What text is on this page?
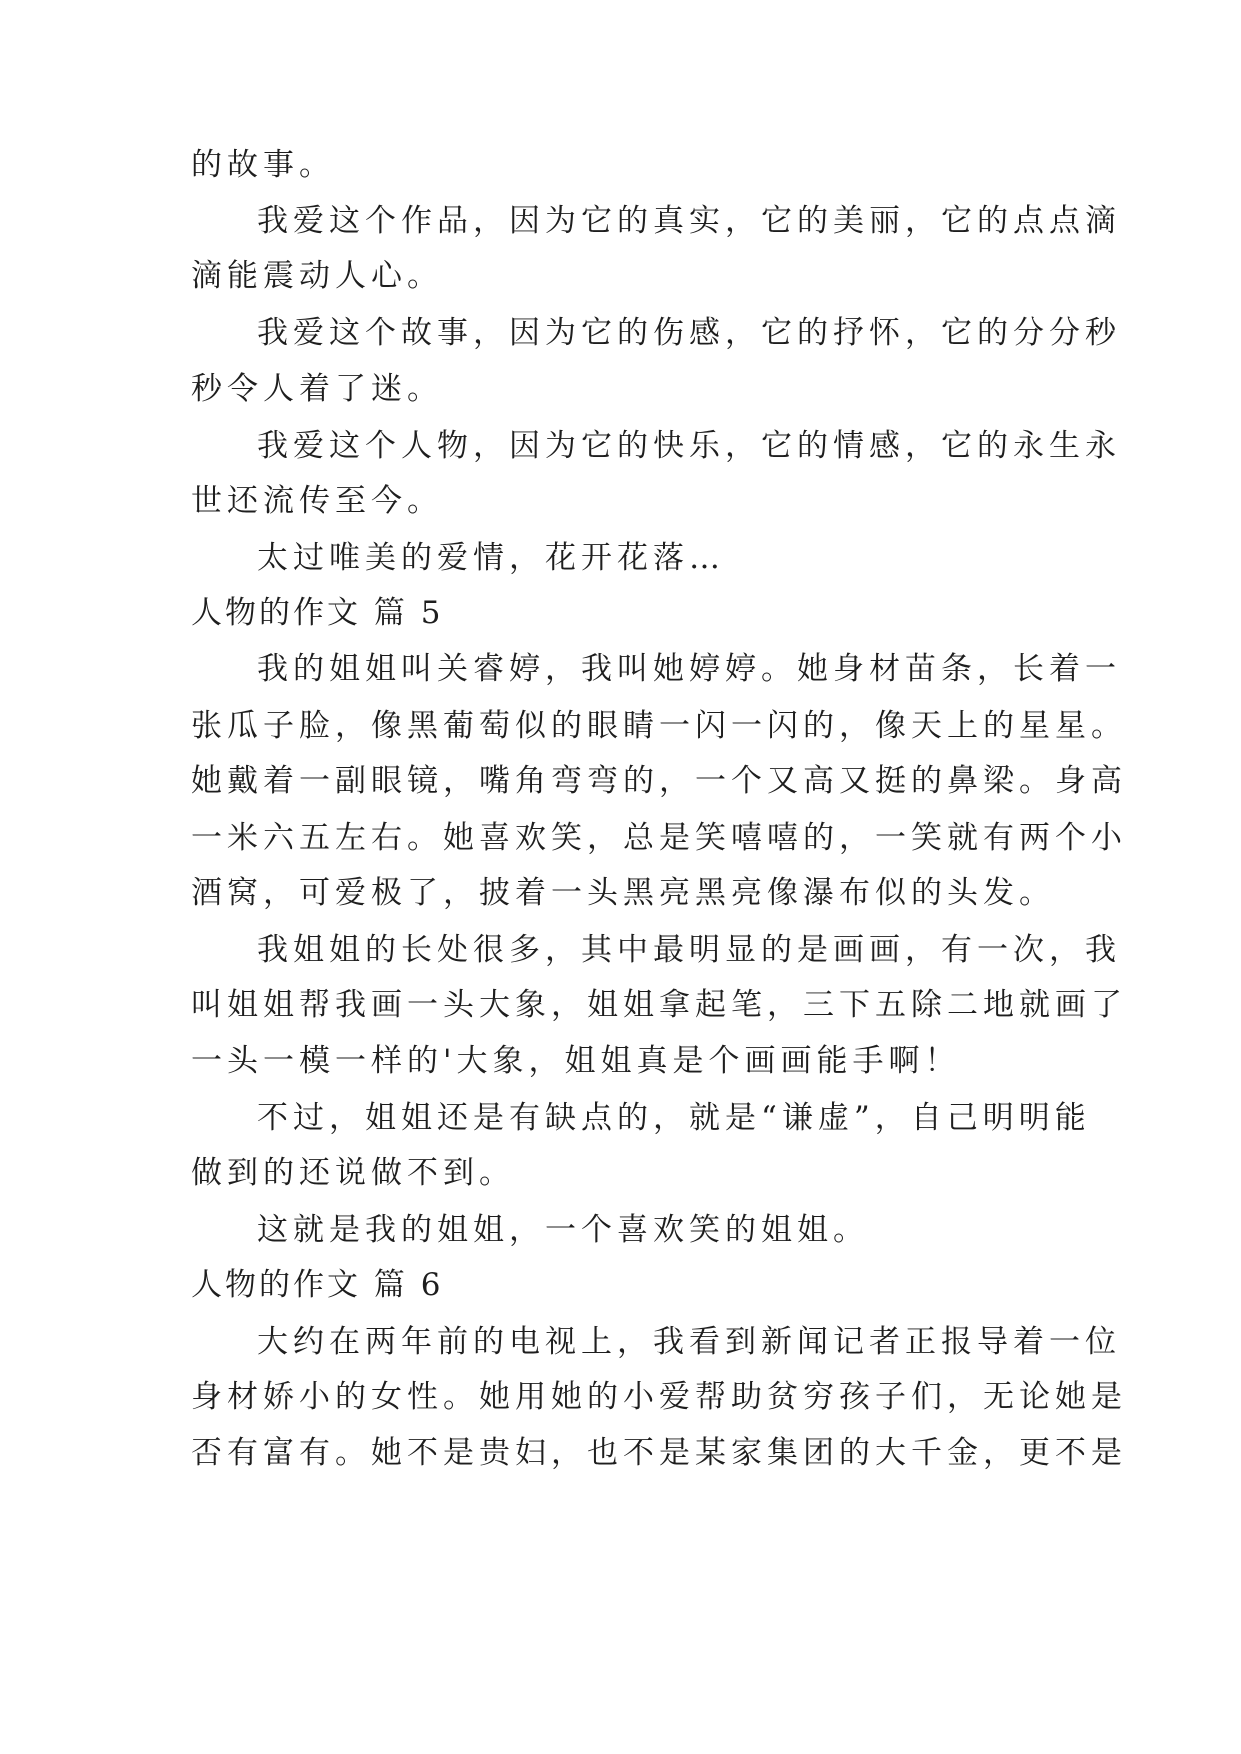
的故事。
我爱这个作品，因为它的真实，它的美丽，它的点点滴
滴能震动人心。
我爱这个故事，因为它的伤感，它的抒怀，它的分分秒
秒令人着了迷。
我爱这个人物，因为它的快乐，它的情感，它的永生永
世还流传至今。
太过唯美的爱情，花开花落…
人物的作文 篇 5
我的姐姐叫关睿婷，我叫她婷婷。她身材苗条，长着一
张瓜子脸，像黑葡萄似的眼睛一闪一闪的，像天上的星星。
她戴着一副眼镜，嘴角弯弯的，一个又高又挺的鼻梁。身高
一米六五左右。她喜欢笑，总是笑嘻嘻的，一笑就有两个小
酒窝，可爱极了，披着一头黑亮黑亮像瀑布似的头发。
我姐姐的长处很多，其中最明显的是画画，有一次，我
叫姐姐帮我画一头大象，姐姐拿起笔，三下五除二地就画了
一头一模一样的'大象，姐姐真是个画画能手啊！
不过，姐姐还是有缺点的，就是“谦虚”，自己明明能
做到的还说做不到。
这就是我的姐姐，一个喜欢笑的姐姐。
人物的作文 篇 6
大约在两年前的电视上，我看到新闻记者正报导着一位
身材娇小的女性。她用她的小爱帮助贫穷孩子们，无论她是
否有富有。她不是贵妇，也不是某家集团的大千金，更不是
